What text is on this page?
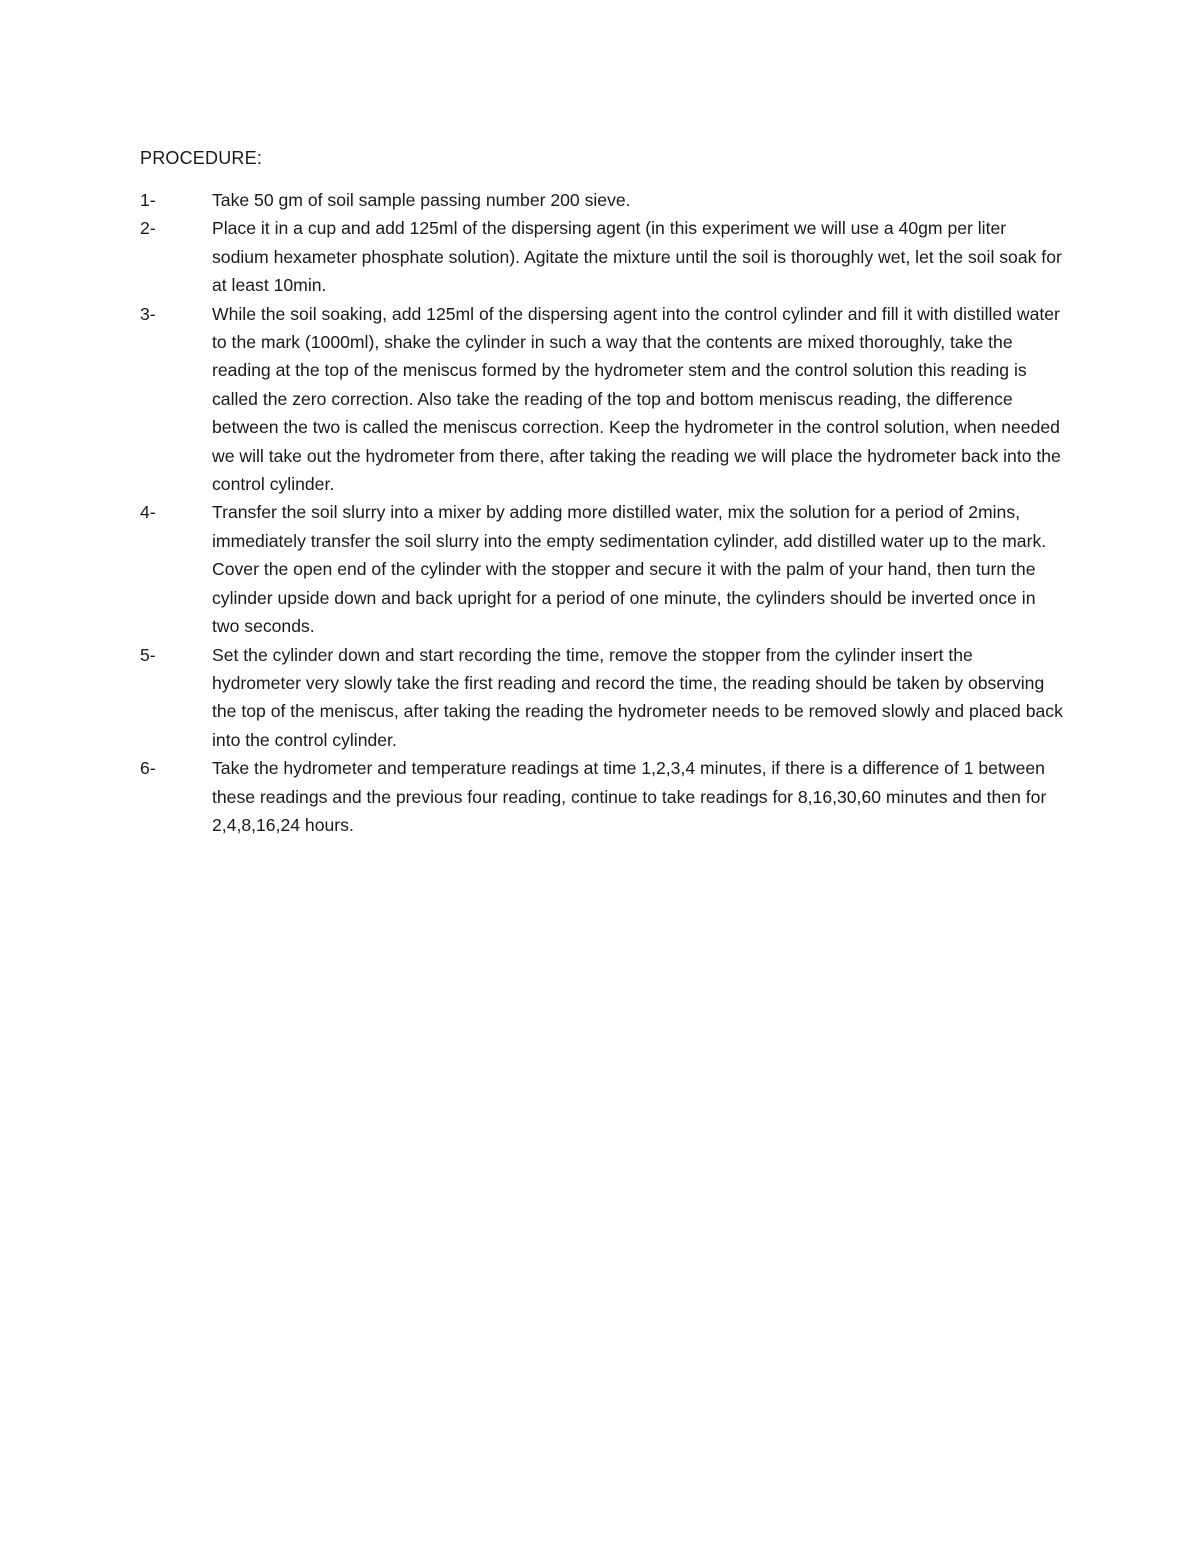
PROCEDURE:
1-	Take 50 gm of soil sample passing number 200 sieve.
2-	Place it in a cup and add 125ml of the dispersing agent (in this experiment we will use a 40gm per liter sodium hexameter phosphate solution). Agitate the mixture until the soil is thoroughly wet, let the soil soak for at least 10min.
3-	While the soil soaking, add 125ml of the dispersing agent into the control cylinder and fill it with distilled water to the mark (1000ml), shake the cylinder in such a way that the contents are mixed thoroughly, take the reading at the top of the meniscus formed by the hydrometer stem and the control solution this reading is called the zero correction. Also take the reading of the top and bottom meniscus reading, the difference between the two is called the meniscus correction. Keep the hydrometer in the control solution, when needed we will take out the hydrometer from there, after taking the reading we will place the hydrometer back into the control cylinder.
4-	Transfer the soil slurry into a mixer by adding more distilled water, mix the solution for a period of 2mins, immediately transfer the soil slurry into the empty sedimentation cylinder, add distilled water up to the mark. Cover the open end of the cylinder with the stopper and secure it with the palm of your hand, then turn the cylinder upside down and back upright for a period of one minute, the cylinders should be inverted once in two seconds.
5-	Set the cylinder down and start recording the time, remove the stopper from the cylinder insert the hydrometer very slowly take the first reading and record the time, the reading should be taken by observing the top of the meniscus, after taking the reading the hydrometer needs to be removed slowly and placed back into the control cylinder.
6-	Take the hydrometer and temperature readings at time 1,2,3,4 minutes, if there is a difference of 1 between these readings and the previous four reading, continue to take readings for 8,16,30,60 minutes and then for 2,4,8,16,24 hours.
